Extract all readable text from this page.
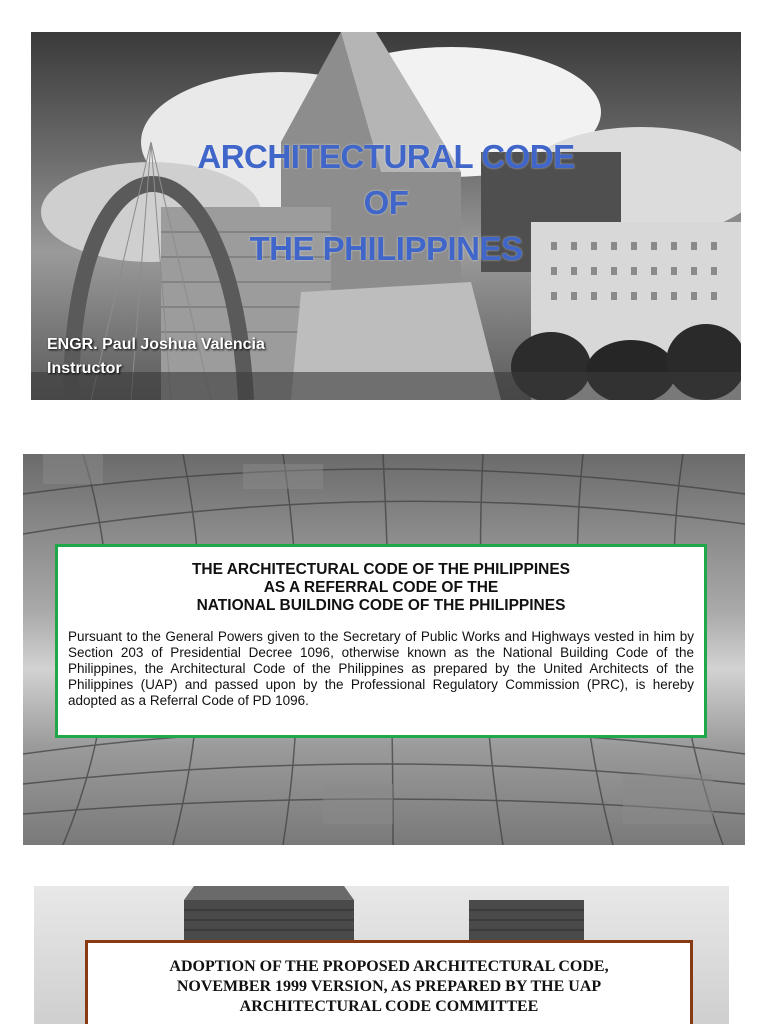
ARCHITECTURAL CODE
OF
THE PHILIPPINES
ENGR. Paul Joshua Valencia
Instructor
THE ARCHITECTURAL CODE OF THE PHILIPPINES
AS A REFERRAL CODE OF THE
NATIONAL BUILDING CODE OF THE PHILIPPINES
Pursuant to the General Powers given to the Secretary of Public Works and Highways vested in him by Section 203 of Presidential Decree 1096, otherwise known as the National Building Code of the Philippines, the Architectural Code of the Philippines as prepared by the United Architects of the Philippines (UAP) and passed upon by the Professional Regulatory Commission (PRC), is hereby adopted as a Referral Code of PD 1096.
ADOPTION OF THE PROPOSED ARCHITECTURAL CODE,
NOVEMBER 1999 VERSION, AS PREPARED BY THE UAP
ARCHITECTURAL CODE COMMITTEE
